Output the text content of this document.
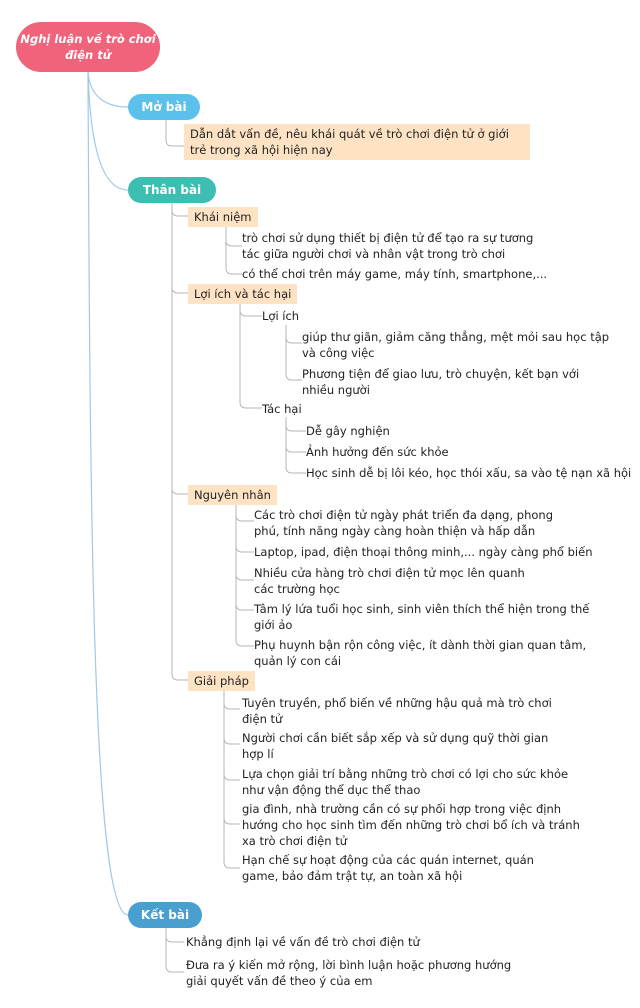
Nghị luận về trò chơi điện tử
Mở bài
Dẫn dắt vấn đề, nêu khái quát về trò chơi điện tử ở giới trẻ trong xã hội hiện nay
Thân bài
Khái niệm
trò chơi sử dụng thiết bị điện tử để tạo ra sự tương tác giữa người chơi và nhân vật trong trò chơi
có thể chơi trên máy game, máy tính, smartphone,...
Lợi ích và tác hại
Lợi ích
giúp thư giãn, giảm căng thẳng, mệt mỏi sau học tập và công việc
Phương tiện để giao lưu, trò chuyện, kết bạn với nhiều người
Tác hại
Dễ gây nghiện
Ảnh hưởng đến sức khỏe
Học sinh dễ bị lôi kéo, học thói xấu, sa vào tệ nạn xã hội
Nguyên nhân
Các trò chơi điện tử ngày phát triển đa dạng, phong phú, tính năng ngày càng hoàn thiện và hấp dẫn
Laptop, ipad, điện thoại thông minh,... ngày càng phổ biến
Nhiều cửa hàng trò chơi điện tử mọc lên quanh các trường học
Tâm lý lứa tuổi học sinh, sinh viên thích thể hiện trong thế giới ảo
Phụ huynh bận rộn công việc, ít dành thời gian quan tâm, quản lý con cái
Giải pháp
Tuyên truyền, phổ biến về những hậu quả mà trò chơi điện tử
Người chơi cần biết sắp xếp và sử dụng quỹ thời gian hợp lí
Lựa chọn giải trí bằng những trò chơi có lợi cho sức khỏe như vận động thể dục thể thao
gia đình, nhà trường cần có sự phối hợp trong việc định hướng cho học sinh tìm đến những trò chơi bổ ích và tránh xa trò chơi điện tử
Hạn chế sự hoạt động của các quán internet, quán game, bảo đảm trật tự, an toàn xã hội
Kết bài
Khẳng định lại về vấn đề trò chơi điện tử
Đưa ra ý kiến mở rộng, lời bình luận hoặc phương hướng giải quyết vấn đề theo ý của em
